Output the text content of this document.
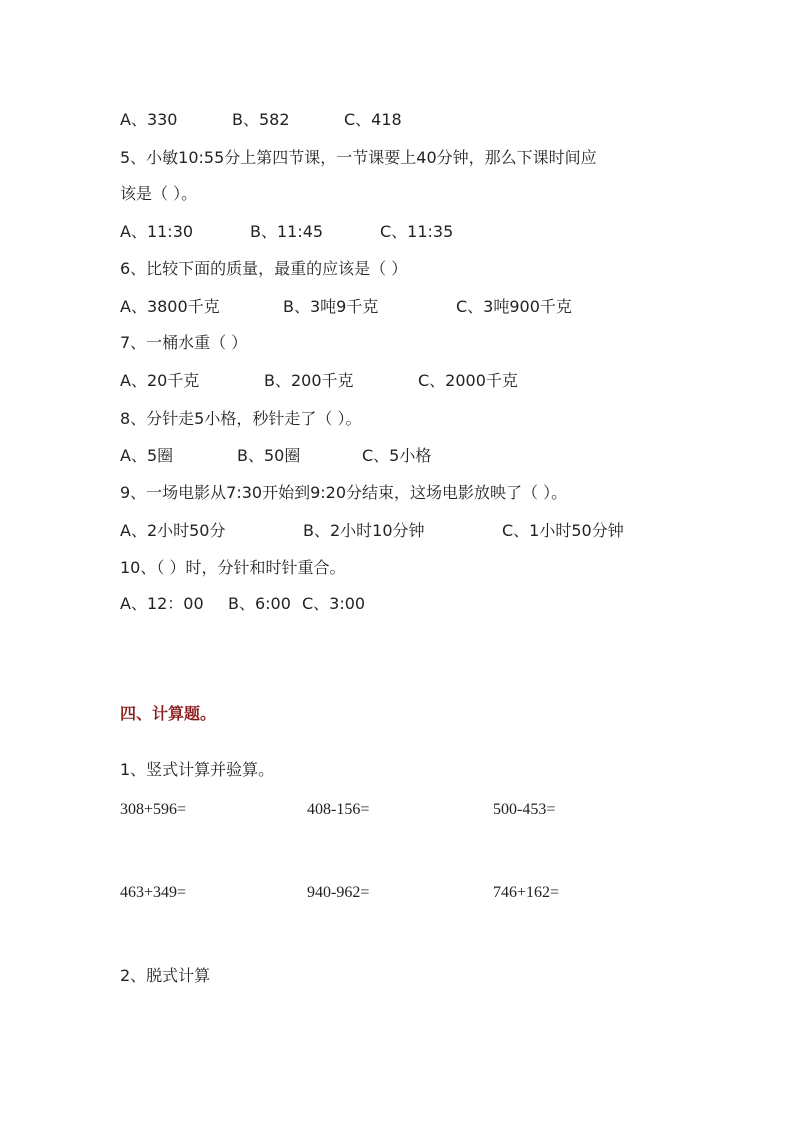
A、330	B、582	C、418
5、小敏10:55分上第四节课，一节课要上40分钟，那么下课时间应
该是（ ）。
A、11:30	B、11:45	C、11:35
6、比较下面的质量，最重的应该是（ ）
A、3800千克	B、3吨9千克	C、3吨900千克
7、一桶水重（ ）
A、20千克	B、200千克	C、2000千克
8、分针走5小格，秒针走了（ ）。
A、5圈	B、50圈	C、5小格
9、一场电影从7:30开始到9:20分结束，这场电影放映了（ ）。
A、2小时50分	B、2小时10分钟	C、1小时50分钟
10、（ ）时，分针和时针重合。
A、12：00 B、6:00 C、3:00
四、计算题。
1、竖式计算并验算。
308+596=	408-156=	500-453=
463+349=	940-962=	746+162=
2、脱式计算
